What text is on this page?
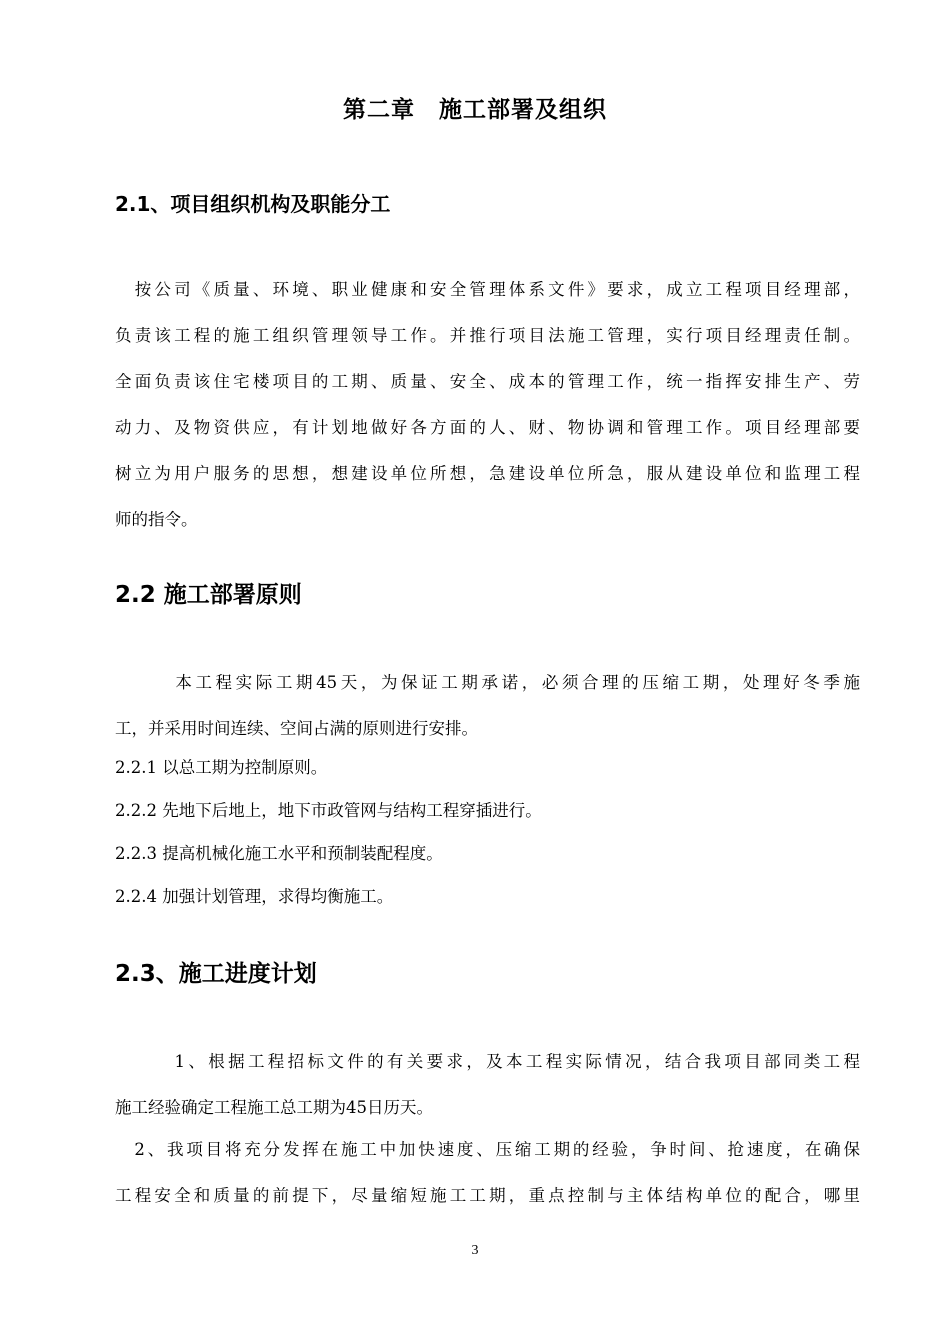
第二章　施工部署及组织
2.1、项目组织机构及职能分工
　按公司《质量、环境、职业健康和安全管理体系文件》要求，成立工程项目经理部，
负责该工程的施工组织管理领导工作。并推行项目法施工管理，实行项目经理责任制。
全面负责该住宅楼项目的工期、质量、安全、成本的管理工作，统一指挥安排生产、劳
动力、及物资供应，有计划地做好各方面的人、财、物协调和管理工作。项目经理部要
树立为用户服务的思想，想建设单位所想，急建设单位所急，服从建设单位和监理工程
师的指令。
2.2 施工部署原则
　　　本工程实际工期45天，为保证工期承诺，必须合理的压缩工期，处理好冬季施
工，并采用时间连续、空间占满的原则进行安排。
2.2.1 以总工期为控制原则。
2.2.2 先地下后地上，地下市政管网与结构工程穿插进行。
2.2.3 提高机械化施工水平和预制装配程度。
2.2.4 加强计划管理，求得均衡施工。
2.3、施工进度计划
　　　1、根据工程招标文件的有关要求，及本工程实际情况，结合我项目部同类工程
施工经验确定工程施工总工期为45日历天。
　2、我项目将充分发挥在施工中加快速度、压缩工期的经验，争时间、抢速度，在确保
工程安全和质量的前提下，尽量缩短施工工期，重点控制与主体结构单位的配合，哪里
3
